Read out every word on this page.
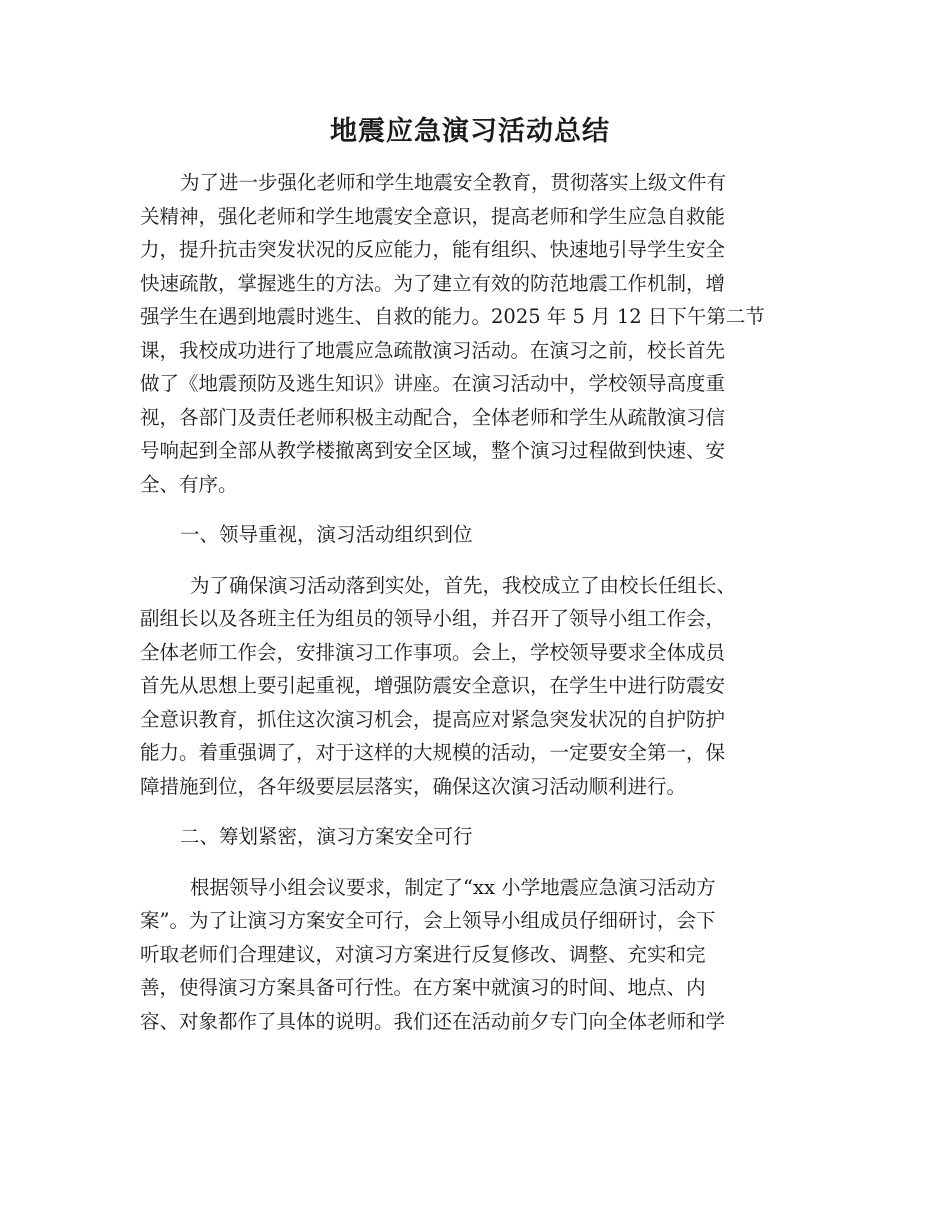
地震应急演习活动总结
为了进一步强化老师和学生地震安全教育，贯彻落实上级文件有
关精神，强化老师和学生地震安全意识，提高老师和学生应急自救能
力，提升抗击突发状况的反应能力，能有组织、快速地引导学生安全
快速疏散，掌握逃生的方法。为了建立有效的防范地震工作机制，增
强学生在遇到地震时逃生、自救的能力。2025 年 5 月 12 日下午第二节
课，我校成功进行了地震应急疏散演习活动。在演习之前，校长首先
做了《地震预防及逃生知识》讲座。在演习活动中，学校领导高度重
视，各部门及责任老师积极主动配合，全体老师和学生从疏散演习信
号响起到全部从教学楼撤离到安全区域，整个演习过程做到快速、安
全、有序。
一、领导重视，演习活动组织到位
为了确保演习活动落到实处，首先，我校成立了由校长任组长、
副组长以及各班主任为组员的领导小组，并召开了领导小组工作会，
全体老师工作会，安排演习工作事项。会上，学校领导要求全体成员
首先从思想上要引起重视，增强防震安全意识，在学生中进行防震安
全意识教育，抓住这次演习机会，提高应对紧急突发状况的自护防护
能力。着重强调了，对于这样的大规模的活动，一定要安全第一，保
障措施到位，各年级要层层落实，确保这次演习活动顺利进行。
二、筹划紧密，演习方案安全可行
根据领导小组会议要求，制定了“xx 小学地震应急演习活动方
案”。为了让演习方案安全可行，会上领导小组成员仔细研讨，会下
听取老师们合理建议，对演习方案进行反复修改、调整、充实和完
善，使得演习方案具备可行性。在方案中就演习的时间、地点、内
容、对象都作了具体的说明。我们还在活动前夕专门向全体老师和学
